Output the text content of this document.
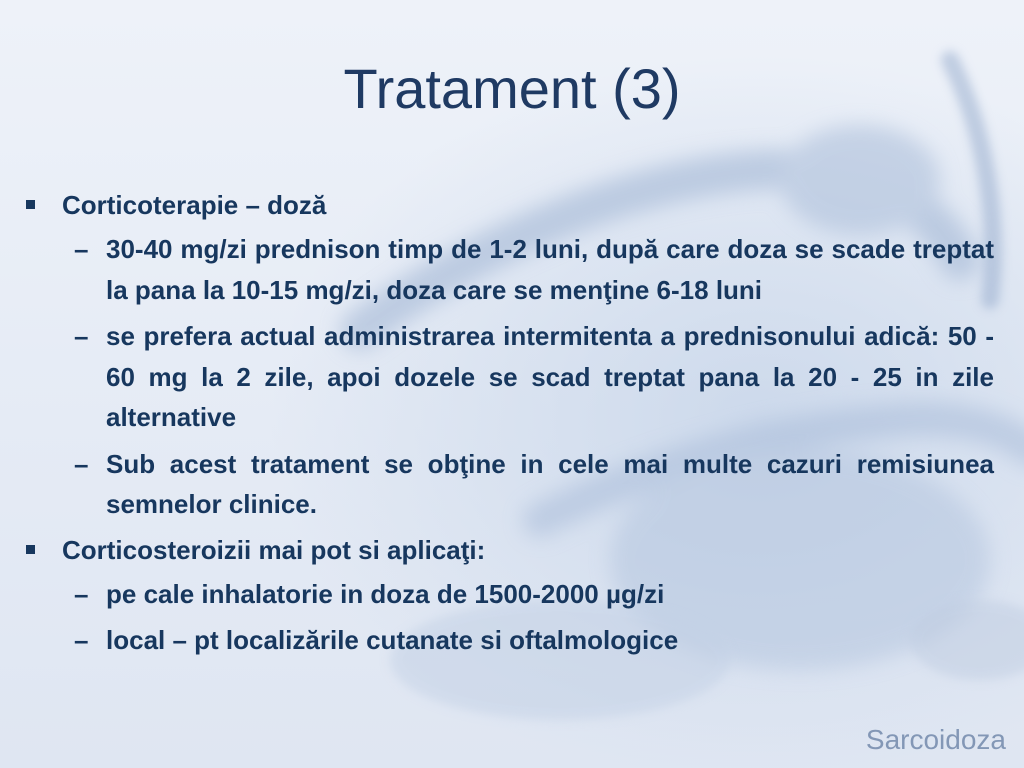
Tratament (3)
Corticoterapie – doză
– 30-40 mg/zi prednison timp de 1-2 luni, după care doza se scade treptat la pana la 10-15 mg/zi, doza care se menţine 6-18 luni
– se prefera actual administrarea intermitenta a prednisonului adică: 50 - 60 mg la 2 zile, apoi dozele se scad treptat pana la 20 - 25 in zile alternative
– Sub acest tratament se obţine in cele mai multe cazuri remisiunea semnelor clinice.
Corticosteroizii mai pot si aplicaţi:
– pe cale inhalatorie in doza de 1500-2000 µg/zi
– local – pt localizările cutanate si oftalmologice
Sarcoidoza
